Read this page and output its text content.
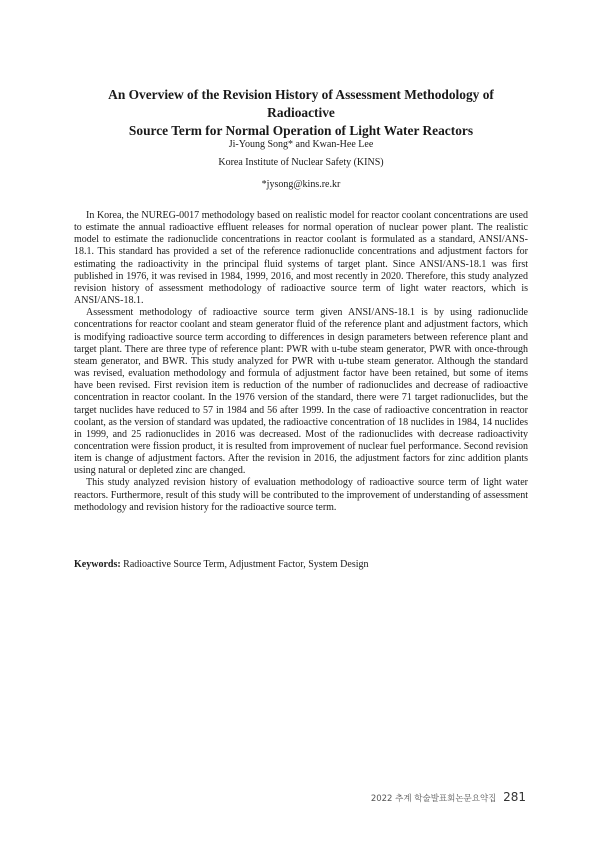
An Overview of the Revision History of Assessment Methodology of Radioactive
Source Term for Normal Operation of Light Water Reactors
Ji-Young Song* and Kwan-Hee Lee
Korea Institute of Nuclear Safety (KINS)
*jysong@kins.re.kr

In Korea, the NUREG-0017 methodology based on realistic model for reactor coolant concentrations are used to estimate the annual radioactive effluent releases for normal operation of nuclear power plant. The realistic model to estimate the radionuclide concentrations in reactor coolant is formulated as a standard, ANSI/ANS-18.1. This standard has provided a set of the reference radionuclide concentrations and adjustment factors for estimating the radioactivity in the principal fluid systems of target plant. Since ANSI/ANS-18.1 was first published in 1976, it was revised in 1984, 1999, 2016, and most recently in 2020. Therefore, this study analyzed revision history of assessment methodology of radioactive source term of light water reactors, which is ANSI/ANS-18.1.

Assessment methodology of radioactive source term given ANSI/ANS-18.1 is by using radionuclide concentrations for reactor coolant and steam generator fluid of the reference plant and adjustment factors, which is modifying radioactive source term according to differences in design parameters between reference plant and target plant. There are three type of reference plant: PWR with u-tube steam generator, PWR with once-through steam generator, and BWR. This study analyzed for PWR with u-tube steam generator. Although the standard was revised, evaluation methodology and formula of adjustment factor have been retained, but some of items have been revised. First revision item is reduction of the number of radionuclides and decrease of radioactive concentration in reactor coolant. In the 1976 version of the standard, there were 71 target radionuclides, but the target nuclides have reduced to 57 in 1984 and 56 after 1999. In the case of radioactive concentration in reactor coolant, as the version of standard was updated, the radioactive concentration of 18 nuclides in 1984, 14 nuclides in 1999, and 25 radionuclides in 2016 was decreased. Most of the radionuclides with decrease radioactivity concentration were fission product, it is resulted from improvement of nuclear fuel performance. Second revision item is change of adjustment factors. After the revision in 2016, the adjustment factors for zinc addition plants using natural or depleted zinc are changed.

This study analyzed revision history of evaluation methodology of radioactive source term of light water reactors. Furthermore, result of this study will be contributed to the improvement of understanding of assessment methodology and revision history for the radioactive source term.

Keywords: Radioactive Source Term, Adjustment Factor, System Design
2022 추계 학술발표회논문요약집 281
